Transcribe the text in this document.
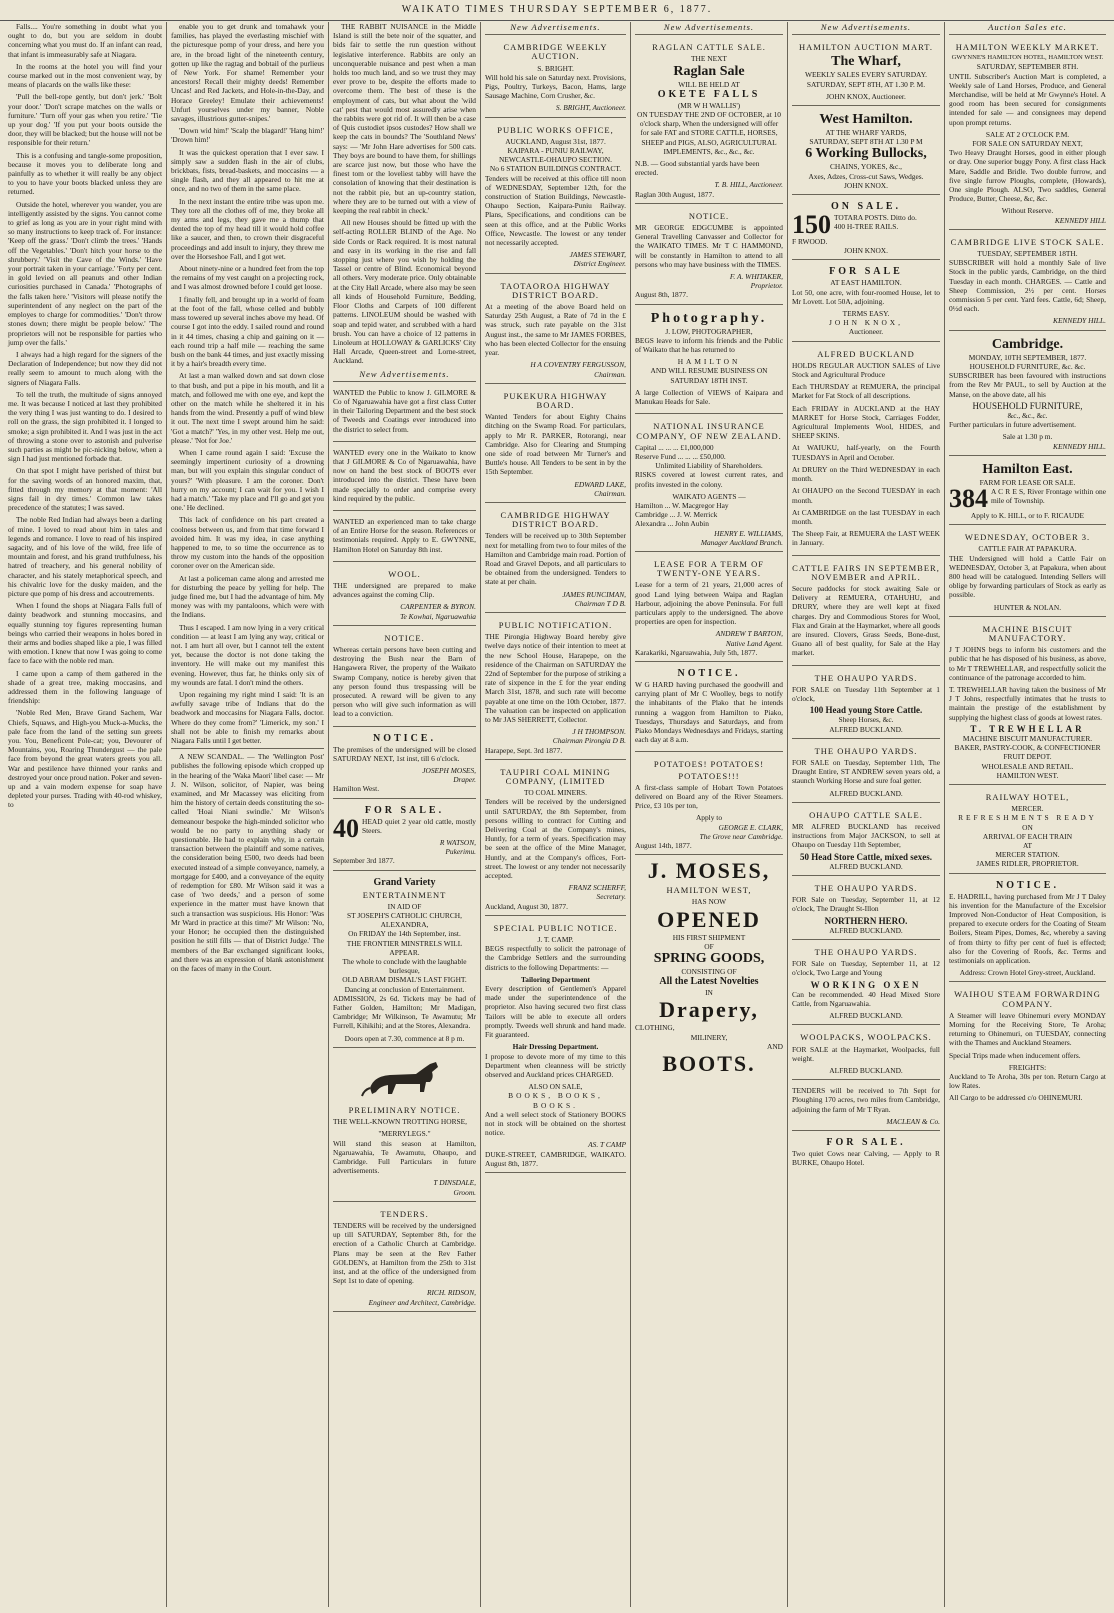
WAIKATO TIMES THURSDAY SEPTEMBER 6, 1877.

Falls.... You're something in doubt what you ought to do, but you are seldom in doubt concerning what you must do. If an infant can read, that infant is immeasurably safe at Niagara.

In the rooms at the hotel you will find your course marked out in the most convenient way, by means of placards on the walls like these:

'Pull the bell-rope gently, but don't jerk.' 'Bolt your door.' 'Don't scrape matches on the walls or furniture.' 'Turn off your gas when you retire.' 'Tie up your dog.' 'If you put your boots outside the door, they will be blacked; but the house will not be responsible for their return.'

This is a confusing and tangle-some proposition, because it moves you to deliberate long and painfully as to whether it will really be any object to you to have your boots blacked unless they are returned.

Outside the hotel, wherever you wander, you are intelligently assisted by the signs. You cannot come to grief as long as you are in your right mind with so many instructions to keep track of. For instance: 'Keep off the grass.' 'Don't climb the trees.' 'Hands off the Vegetables.' 'Don't hitch your horse to the shrubbery.' 'Visit the Cave of the Winds.' 'Have your portrait taken in your carriage.' 'Forty per cent. in gold levied on all peanuts and other Indian curiosities purchased in Canada.' 'Photographs of the falls taken here.' 'Visitors will please notify the superintendent of any neglect on the part of the employes to charge for commodities.' 'Don't throw stones down; there might be people below.' 'The proprietors will not be responsible for parties who jump over the falls.'

I always had a high regard for the signers of the Declaration of Independence; but now they did not really seem to amount to much along with the signers of Niagara Falls.

To tell the truth, the multitude of signs annoyed me. It was because I noticed at last they prohibited the very thing I was just wanting to do. I desired to roll on the grass, the sign prohibited it. I longed to smoke; a sign prohibited it. And I was just in the act of throwing a stone over to astonish and pulverise such parties as might be pic-nicking below, when a sign I had just mentioned forbade that.

On that spot I might have perished of thirst but for the saving words of an honored maxim, that, fitted through my memory at that moment: 'All signs fail in dry times.' Common law takes precedence of the statutes; I was saved.

The noble Red Indian had always been a darling of mine. I loved to read about him in tales and legends and romance. I love to read of his inspired sagacity, and of his love of the wild, free life of mountain and forest, and his grand truthfulness, his hatred of treachery, and his general nobility of character, and his stately metaphorical speech, and his chivalric love for the dusky maiden, and the picture que pomp of his dress and accoutrements.

When I found the shops at Niagara Falls full of dainty beadwork and stunning moccasins, and equally stunning toy figures representing human beings who carried their weapons in holes bored in their arms and bodies shaped like a pie, I was filled with emotion. I knew that now I was going to come face to face with the noble red man.

I came upon a camp of them gathered in the shade of a great tree, making moccasins, and addressed them in the following language of friendship:

'Noble Red Men, Brave Grand Sachem, War Chiefs, Squaws, and High-you Muck-a-Mucks, the pale face from the land of the setting sun greets you. You, Beneficent Pole-cat; you, Devourer of Mountains, you, Roaring Thundergust — the pale face from beyond the great waters greets you all. War and pestilence have thinned your ranks and destroyed your once proud nation. Poker and seven-up and a vain modern expense for soap have depleted your purses. Trading with 40-rod whiskey, to

enable you to get drunk and tomahawk your families, has played the everlasting mischief with the picturesque pomp of your dress, and here you are, in the broad light of the nineteenth century, gotten up like the ragtag and bobtail of the purlieus of New York. For shame! Remember your ancestors! Recall their mighty deeds! Remember Uncas! and Red Jackets, and Hole-in-the-Day, and Horace Greeley! Emulate their achievements! Unfurl yourselves under my banner, Noble savages, illustrious gutter-snipes.'

'Down wid him!' 'Scalp the blagard!' 'Hang him!' 'Drown him!'

It was the quickest operation that I ever saw. I simply saw a sudden flash in the air of clubs, brickbats, fists, bread-baskets, and moccasins — a single flash, and they all appeared to hit me at once, and no two of them in the same place.

In the next instant the entire tribe was upon me. They tore all the clothes off of me, they broke all my arms and legs, they gave me a thump that dented the top of my head till it would hold coffee like a saucer, and then, to crown their disgraceful proceedings and add insult to injury, they threw me over the Horseshoe Fall, and I got wet.

About ninety-nine or a hundred feet from the top the remains of my vest caught on a projecting rock, and I was almost drowned before I could get loose.

I finally fell, and brought up in a world of foam at the foot of the fall, whose celled and bubbly mass towered up several inches above my head. Of course I got into the eddy. I sailed round and round in it 44 times, chasing a chip and gaining on it — each round trip a half mile — reaching the same bush on the bank 44 times, and just exactly missing it by a hair's breadth every time.

At last a man walked down and sat down close to that bush, and put a pipe in his mouth, and lit a match, and followed me with one eye, and kept the other on the match while he sheltered it in his hands from the wind. Presently a puff of wind blew it out. The next time I swept around him he said: 'Got a match?' 'Yes, in my other vest. Help me out, please.' 'Not for Joe.'

When I came round again I said: 'Excuse the seemingly impertinent curiosity of a drowning man, but will you explain this singular conduct of yours?' 'With pleasure. I am the coroner. Don't hurry on my account; I can wait for you. I wish I had a match.' 'Take my place and I'll go and get you one.' He declined.

This lack of confidence on his part created a coolness between us, and from that time forward I avoided him. It was my idea, in case anything happened to me, to so time the occurrence as to throw my custom into the hands of the opposition coroner over on the American side.

At last a policeman came along and arrested me for disturbing the peace by yelling for help. The judge fined me, but I had the advantage of him. My money was with my pantaloons, which were with the Indians.

Thus I escaped. I am now lying in a very critical condition — at least I am lying any way, critical or not. I am hurt all over, but I cannot tell the extent yet, because the doctor is not done taking the inventory. He will make out my manifest this evening. However, thus far, he thinks only six of my wounds are fatal. I don't mind the others.

Upon regaining my right mind I said: 'It is an awfully savage tribe of Indians that do the beadwork and moccasins for Niagara Falls, doctor. Where do they come from?' 'Limerick, my son.' I shall not be able to finish my remarks about Niagara Falls until I get better.

A NEW SCANDAL. — The 'Wellington Post' publishes the following episode which cropped up in the hearing of the 'Waka Maori' libel case: — Mr J. N. Wilson, solicitor, of Napier, was being examined, and Mr Macassey was eliciting from him the history of certain deeds constituting the so-called 'Hoai Niani swindle.' Mr Wilson's demeanour bespoke the high-minded solicitor who would be no party to anything shady or questionable. He had to explain why, in a certain transaction between the plaintiff and some natives, the consideration being £500, two deeds had been executed instead of a simple conveyance, namely, a mortgage for £400, and a conveyance of the equity of redemption for £80. Mr Wilson said it was a case of 'two deeds,' and a person of some experience in the matter must have known that such a transaction was suspicious. His Honor: 'Was Mr Ward in practice at this time?' Mr Wilson: 'No, your Honor; he occupied then the distinguished position he still fills — that of District Judge.' The members of the Bar exchanged significant looks, and there was an expression of blank astonishment on the faces of many in the Court.

THE RABBIT NUISANCE in the Middle Island is still the bete noir of the squatter, and bids fair to settle the run question without legislative interference. Rabbits are only an unconquerable nuisance and pest when a man holds too much land, and so we trust they may ever prove to be, despite the efforts made to overcome them. The best of these is the employment of cats, but what about the 'wild cat' pest that would most assuredly arise when the rabbits were got rid of. It will then be a case of Quis custodiet ipsos custodes? How shall we keep the cats in bounds? The 'Southland News' says: — 'Mr John Hare advertises for 500 cats. They boys are bound to have them, for shillings are scarce just now, but those who have the finest tom or the loveliest tabby will have the consolation of knowing that their destination is not the rabbit pie, but an up-country station, where they are to be turned out with a view of keeping the real rabbit in check.'

All new Houses should be fitted up with the self-acting ROLLER BLIND of the Age. No side Cords or Rack required. It is most natural and easy in its working in the rise and fall stopping just where you wish by holding the Tassel or centre of Blind. Economical beyond all others. Very moderate price. Only obtainable at the City Hall Arcade, where also may be seen all kinds of Household Furniture, Bedding, Floor Cloths and Carpets of 100 different patterns. LINOLEUM should be washed with soap and tepid water, and scrubbed with a hard brush. You can have a choice of 12 patterns in Linoleum at HOLLOWAY & GARLICKS' City Hall Arcade, Queen-street and Lorne-street, Auckland.

New Advertisements.

WANTED the Public to know J. GILMORE & Co of Ngaruawahia have got a first class Cutter in their Tailoring Department and the best stock of Tweeds and Coatings ever introduced into the district to select from.

WANTED every one in the Waikato to know that J GILMORE & Co of Ngaruawahia, have now on hand the best stock of BOOTS ever introduced into the district. These have been made specially to order and comprise every kind required by the public.

WANTED an experienced man to take charge of an Entire Horse for the season. References or testimonials required. Apply to E. GWYNNE, Hamilton Hotel on Saturday 8th inst.

WOOL.

THE undersigned are prepared to make advances against the coming Clip.

CARPENTER & BYRON.
Te Kowhai, Ngaruawahia
NOTICE.

Whereas certain persons have been cutting and destroying the Bush near the Barn of Hangawera River, the property of the Waikato Swamp Company, notice is hereby given that any person found thus trespassing will be prosecuted. A reward will be given to any person who will give such information as will lead to a conviction.

NOTICE.

The premises of the undersigned will be closed SATURDAY NEXT, 1st inst, till 6 o'clock.

JOSEPH MOSES,
Draper.
Hamilton West.
FOR SALE.
40 HEAD quiet 2 year old cattle, mostly Steers.

R WATSON,
Pukerimu.
September 3rd 1877.
Grand Variety
ENTERTAINMENT
IN AID OF
ST JOSEPH'S CATHOLIC CHURCH,
ALEXANDRA,
On FRIDAY the 14th September, inst.
THE FRONTIER MINSTRELS WILL APPEAR.
The whole to conclude with the laughable burlesque,
OLD ABRAM DISMAL'S LAST FIGHT.
Dancing at conclusion of Entertainment.

ADMISSION, 2s 6d. Tickets may be had of Father Golden, Hamilton; Mr Madigan, Cambridge; Mr Wilkinson, Te Awamutu; Mr Furrell, Kihikihi; and at the Stores, Alexandra.

Doors open at 7.30, commence at 8 p m.
PRELIMINARY NOTICE.

THE WELL-KNOWN TROTTING HORSE,

"MERRYLEGS."

Will stand this season at Hamilton, Ngaruawahia, Te Awamutu, Ohaupo, and Cambridge. Full Particulars in future advertisements.

T DINSDALE,
Groom.
TENDERS.

TENDERS will be received by the undersigned up till SATURDAY, September 8th, for the erection of a Catholic Church at Cambridge. Plans may be seen at the Rev Father GOLDEN's, at Hamilton from the 25th to 31st inst, and at the office of the undersigned from Sept 1st to date of opening.

RICH. RIDSON,
Engineer and Architect, Cambridge.
New Advertisements.
CAMBRIDGE WEEKLY AUCTION.
S. BRIGHT.

Will hold his sale on Saturday next. Provisions, Pigs, Poultry, Turkeys, Bacon, Hams, large Sausage Machine, Corn Crusher, &c.

S. BRIGHT, Auctioneer.
PUBLIC WORKS OFFICE,
AUCKLAND, August 31st, 1877.
KAIPARA - PUNIU RAILWAY, NEWCASTLE-OHAUPO SECTION.
No 6 STATION BUILDINGS CONTRACT.

Tenders will be received at this office till noon of WEDNESDAY, September 12th, for the construction of Station Buildings, Newcastle-Ohaupo Section, Kaipara-Puniu Railway. Plans, Specifications, and conditions can be seen at this office, and at the Public Works Office, Newcastle. The lowest or any tender not necessarily accepted.

JAMES STEWART,
District Engineer.
TAOTAOROA HIGHWAY DISTRICT BOARD.

At a meeting of the above Board held on Saturday 25th August, a Rate of 7d in the £ was struck, such rate payable on the 31st August inst., the same to Mr JAMES FORBES, who has been elected Collector for the ensuing year.

H A COVENTRY FERGUSSON,
Chairman.
PUKEKURA HIGHWAY BOARD.

Wanted Tenders for about Eighty Chains ditching on the Swamp Road. For particulars, apply to Mr R. PARKER, Rotorangi, near Cambridge. Also for Clearing and Stumping one side of road between Mr Turner's and Buttle's house. All Tenders to be sent in by the 15th September.

EDWARD LAKE,
Chairman.
CAMBRIDGE HIGHWAY DISTRICT BOARD.

Tenders will be received up to 30th September next for metalling from two to four miles of the Hamilton and Cambridge main road. Portion of Road and Gravel Depots, and all particulars to be obtained from the undersigned. Tenders to state at per chain.

JAMES RUNCIMAN,
Chairman T D B.
PUBLIC NOTIFICATION.

THE Pirongia Highway Board hereby give twelve days notice of their intention to meet at the new School House, Harapepe, on the residence of the Chairman on SATURDAY the 22nd of September for the purpose of striking a rate of sixpence in the £ for the year ending March 31st, 1878, and such rate will become payable at one time on the 10th October, 1877. The valuation can be inspected on application to Mr JAS SHERRETT, Collector.

J H THOMPSON.
Chairman Pirongia D B.
Harapepe, Sept. 3rd 1877.
TAUPIRI COAL MINING COMPANY, (LIMITED
TO COAL MINERS.

Tenders will be received by the undersigned until SATURDAY, the 8th September, from persons willing to contract for Cutting and Delivering Coal at the Company's mines, Huntly, for a term of years. Specification may be seen at the office of the Mine Manager, Huntly, and at the Company's offices, Fort-street. The lowest or any tender not necessarily accepted.

FRANZ SCHERFF,
Secretary.
Auckland, August 30, 1877.
SPECIAL PUBLIC NOTICE.
J. T. CAMP.

BEGS respectfully to solicit the patronage of the Cambridge Settlers and the surrounding districts to the following Departments: —

Tailoring Department

Every description of Gentlemen's Apparel made under the superintendence of the proprietor. Also having secured two first class Tailors will be able to execute all orders promptly. Tweeds well shrunk and hand made. Fit guaranteed.

Hair Dressing Department.

I propose to devote more of my time to this Department when cleanness will be strictly observed and Auckland prices CHARGED.

ALSO ON SALE,
BOOKS, BOOKS, BOOKS.

And a well select stock of Stationery BOOKS not in stock will be obtained on the shortest notice.

AS. T CAMP
DUKE-STREET, CAMBRIDGE, WAIKATO. August 8th, 1877.
New Advertisements.
RAGLAN CATTLE SALE.
THE NEXT
Raglan Sale
WILL BE HELD AT
OKETE FALLS
(MR W H WALLIS')

ON TUESDAY THE 2ND OF OCTOBER, at 10 o'clock sharp, When the undersigned will offer for sale FAT and STORE CATTLE, HORSES, SHEEP and PIGS, ALSO, AGRICULTURAL IMPLEMENTS, &c., &c., &c.

N.B. — Good substantial yards have been erected.

T. B. HILL, Auctioneer.
Raglan 30th August, 1877.
NOTICE.

MR GEORGE EDGCUMBE is appointed General Travelling Canvasser and Collector for the WAIKATO TIMES. Mr T C HAMMOND, will be constantly in Hamilton to attend to all persons who may have business with the TIMES.

F. A. WHITAKER,
Proprietor.
August 8th, 1877.
Photography.
J. LOW, PHOTOGRAPHER,

BEGS leave to inform his friends and the Public of Waikato that he has returned to

HAMILTON

AND WILL RESUME BUSINESS ON SATURDAY 18TH INST.

A large Collection of VIEWS of Kaipara and Manukau Heads for Sale.

NATIONAL INSURANCE COMPANY, OF NEW ZEALAND.
Capital ... ... ... £1,000,000
Reserve Fund ... ... ... £50,000.
Unlimited Liability of Shareholders.

RISKS covered at lowest current rates, and profits invested in the colony.

WAIKATO AGENTS —
Hamilton ... W. Macgregor Hay
Cambridge ... J. W. Merrick
Alexandra ... John Aubin
HENRY E. WILLIAMS,
Manager Auckland Branch.
LEASE FOR A TERM OF TWENTY-ONE YEARS.

Lease for a term of 21 years, 21,000 acres of good Land lying between Waipa and Raglan Harbour, adjoining the above Peninsula. For full particulars apply to the undersigned. The above properties are open for inspection.

ANDREW T BARTON,
Native Land Agent.
Karakariki, Ngaruawahia, July 5th, 1877.
NOTICE.

W G HARD having purchased the goodwill and carrying plant of Mr C Woolley, begs to notify the inhabitants of the Plako that he intends running a waggon from Hamilton to Piako, Tuesdays, Thursdays and Saturdays, and from Piako Mondays Wednesdays and Fridays, starting each day at 8 a.m.

POTATOES! POTATOES!
POTATOES!!!

A first-class sample of Hobart Town Potatoes delivered on Board any of the River Steamers. Price, £3 10s per ton,

Apply to
GEORGE E. CLARK,
The Grove near Cambridge.
August 14th, 1877.
J. MOSES,
HAMILTON WEST,
HAS NOW
OPENED
HIS FIRST SHIPMENT
OF
SPRING GOODS,
CONSISTING OF
All the Latest Novelties
IN
Drapery,
CLOTHING,
MILINERY,
AND
BOOTS.
New Advertisements.
HAMILTON AUCTION MART.
The Wharf,

WEEKLY SALES EVERY SATURDAY. SATURDAY, SEPT 8TH, AT 1.30 P. M.

JOHN KNOX, Auctioneer.
West Hamilton.
AT THE WHARF YARDS,
SATURDAY, SEPT 8TH AT 1.30 P M
6 Working Bullocks,
CHAINS, YOKES, &c.,
Axes, Adzes, Cross-cut Saws, Wedges.
JOHN KNOX.
ON SALE.
150 TOTARA POSTS. Ditto do.
400 H-TREE RAILS.
F RWOOD.
JOHN KNOX.
FOR SALE
AT EAST HAMILTON.

Lot 50, one acre, with four-roomed House, let to Mr Lovett. Lot 50A, adjoining.

TERMS EASY.
JOHN KNOX,
Auctioneer.
ALFRED BUCKLAND

HOLDS REGULAR AUCTION SALES of Live Stock and Agricultural Produce

Each THURSDAY at REMUERA, the principal Market for Fat Stock of all descriptions.

Each FRIDAY in AUCKLAND at the HAY MARKET for Horse Stock, Carriages Fodder, Agricultural Implements Wool, HIDES, and SHEEP SKINS.

At WAIUKU, half-yearly, on the Fourth TUESDAYS in April and October.

At DRURY on the Third WEDNESDAY in each month.

At OHAUPO on the Second TUESDAY in each month.

At CAMBRIDGE on the last TUESDAY in each month.

The Sheep Fair, at REMUERA the LAST WEEK in January.

CATTLE FAIRS IN SEPTEMBER, NOVEMBER and APRIL.

Secure paddocks for stock awaiting Sale or Delivery at REMUERA, OTAHUHU, and DRURY, where they are well kept at fixed charges. Dry and Commodious Stores for Wool, Flax and Grain at the Haymarket, where all goods are insured. Clovers, Grass Seeds, Bone-dust, Guano all of best quality, for Sale at the Hay market.

THE OHAUPO YARDS.

FOR SALE on Tuesday 11th September at 1 o'clock,

100 Head young Store Cattle.
Sheep Horses, &c.
ALFRED BUCKLAND.
THE OHAUPO YARDS.

FOR SALE on Tuesday, September 11th, The Draught Entire, ST ANDREW seven years old, a staunch Working Horse and sure foal getter.

ALFRED BUCKLAND.
OHAUPO CATTLE SALE.

MR ALFRED BUCKLAND has received instructions from Major JACKSON, to sell at Ohaupo on Tuesday 11th September,

50 Head Store Cattle, mixed sexes.
ALFRED BUCKLAND.
THE OHAUPO YARDS.

FOR Sale on Tuesday, September 11, at 12 o'clock, The Draught St-Illon

NORTHERN HERO.
ALFRED BUCKLAND.
THE OHAUPO YARDS.

FOR Sale on Tuesday, September 11, at 12 o'clock, Two Large and Young

WORKING OXEN

Can be recommended. 40 Head Mixed Store Cattle, from Ngaruawahia.

ALFRED BUCKLAND.
WOOLPACKS, WOOLPACKS.

FOR SALE at the Haymarket, Woolpacks, full weight.

ALFRED BUCKLAND.

TENDERS will be received to 7th Sept for Ploughing 170 acres, two miles from Cambridge, adjoining the farm of Mr T Ryan.

MACLEAN & Co.
FOR SALE.

Two quiet Cows near Calving, — Apply to R BURKE, Ohaupo Hotel.

Auction Sales etc.
HAMILTON WEEKLY MARKET.
GWYNNE'S HAMILTON HOTEL, HAMILTON WEST.
SATURDAY, SEPTEMBER 8TH.

UNTIL Subscriber's Auction Mart is completed, a Weekly sale of Land Horses, Produce, and General Merchandise, will be held at Mr Gwynne's Hotel. A good room has been secured for consignments intended for sale — and consignees may depend upon prompt returns.

SALE AT 2 O'CLOCK P.M.
FOR SALE ON SATURDAY NEXT,

Two Heavy Draught Horses, good in either plough or dray. One superior buggy Pony. A first class Hack Mare, Saddle and Bridle. Two double furrow, and five single furrow Ploughs, complete, (Howards), One single Plough. ALSO, Two saddles, General Produce, Butter, Cheese, &c, &c.

Without Reserve.
KENNEDY HILL
CAMBRIDGE LIVE STOCK SALE.
TUESDAY, SEPTEMBER 18TH.

SUBSCRIBER will hold a monthly Sale of live Stock in the public yards, Cambridge, on the third Tuesday in each month. CHARGES. — Cattle and Sheep Commission, 2½ per cent. Horses commission 5 per cent. Yard fees. Cattle, 6d; Sheep, 0½d each.

KENNEDY HILL.
Cambridge.
MONDAY, 10TH SEPTEMBER, 1877.
HOUSEHOLD FURNITURE, &c. &c.

SUBSCRIBER has been favoured with instructions from the Rev Mr PAUL, to sell by Auction at the Manse, on the above date, all his

HOUSEHOLD FURNITURE,
&c., &c., &c.

Further particulars in future advertisement.

Sale at 1.30 p m.
KENNEDY HILL.
Hamilton East.
FARM FOR LEASE OR SALE.
384 A C R E S, River Frontage within one mile of Township.

Apply to K. HILL, or to F. RICAUDE
WEDNESDAY, OCTOBER 3.
CATTLE FAIR AT PAPAKURA.

THE Undersigned will hold a Cattle Fair on WEDNESDAY, October 3, at Papakura, when about 800 head will be catalogued. Intending Sellers will oblige by forwarding particulars of Stock as early as possible.

HUNTER & NOLAN.
MACHINE BISCUIT MANUFACTORY.

J T JOHNS begs to inform his customers and the public that he has disposed of his business, as above, to Mr T TREWHELLAR, and respectfully solicit the continuance of the patronage accorded to him.

T. TREWHELLAR having taken the business of Mr J T Johns, respectfully intimates that he trusts to maintain the prestige of the establishment by supplying the highest class of goods at lowest rates.

T. TREWHELLAR
MACHINE BISCUIT MANUFACTURER.
BAKER, PASTRY-COOK, & CONFECTIONER FRUIT DEPOT.
WHOLESALE AND RETAIL.
HAMILTON WEST.
RAILWAY HOTEL,
MERCER.
REFRESHMENTS READY
ON
ARRIVAL OF EACH TRAIN
AT
MERCER STATION.
JAMES RIDLER, PROPRIETOR.
NOTICE.

E. HADRILL, having purchased from Mr J T Daley his invention for the Manufacture of the Excelsior Improved Non-Conductor of Heat Composition, is prepared to execute orders for the Coating of Steam Boilers, Steam Pipes, Domes, &c, whereby a saving of from thirty to fifty per cent of fuel is effected; also for the Covering of Roofs, &c. Terms and testimonials on application.

Address: Crown Hotel Grey-street, Auckland.
WAIHOU STEAM FORWARDING COMPANY.

A Steamer will leave Ohinemuri every MONDAY Morning for the Receiving Store, Te Aroha; returning to Ohinemuri, on TUESDAY, connecting with the Thames and Auckland Steamers.

Special Trips made when inducement offers.

FREIGHTS:

Auckland to Te Aroha, 30s per ton. Return Cargo at low Rates.

All Cargo to be addressed c/o OHINEMURI.
